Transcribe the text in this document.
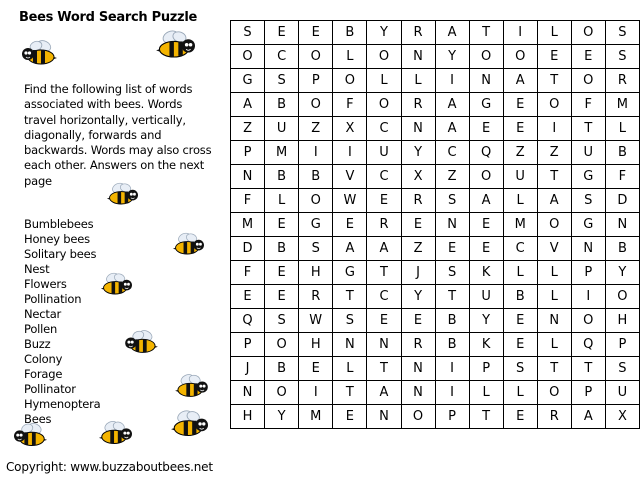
Bees Word Search Puzzle
Find the following list of words associated with bees. Words travel horizontally, vertically, diagonally, forwards and backwards. Words may also cross each other. Answers on the next page
Bumblebees
Honey bees
Solitary bees
Nest
Flowers
Pollination
Nectar
Pollen
Buzz
Colony
Forage
Pollinator
Hymenoptera
Bees
Copyright: www.buzzaboutbees.net
S	E	E	B	Y	R	A	T	I	L	O	S
O	C	O	L	O	N	Y	O	O	E	E	S
G	S	P	O	L	L	I	N	A	T	O	R
A	B	O	F	O	R	A	G	E	O	F	M
Z	U	Z	X	C	N	A	E	E	I	T	L
P	M	I	I	U	Y	C	Q	Z	Z	U	B
N	B	B	V	C	X	Z	O	U	T	G	F
F	L	O	W	E	R	S	A	L	A	S	D
M	E	G	E	R	E	N	E	M	O	G	N
D	B	S	A	A	Z	E	E	C	V	N	B
F	E	H	G	T	J	S	K	L	L	P	Y
E	E	R	T	C	Y	T	U	B	L	I	O
Q	S	W	S	E	E	B	Y	E	N	O	H
P	O	H	N	N	R	B	K	E	L	Q	P
J	B	E	L	T	N	I	P	S	T	T	S
N	O	I	T	A	N	I	L	L	O	P	U
H	Y	M	E	N	O	P	T	E	R	A	X
